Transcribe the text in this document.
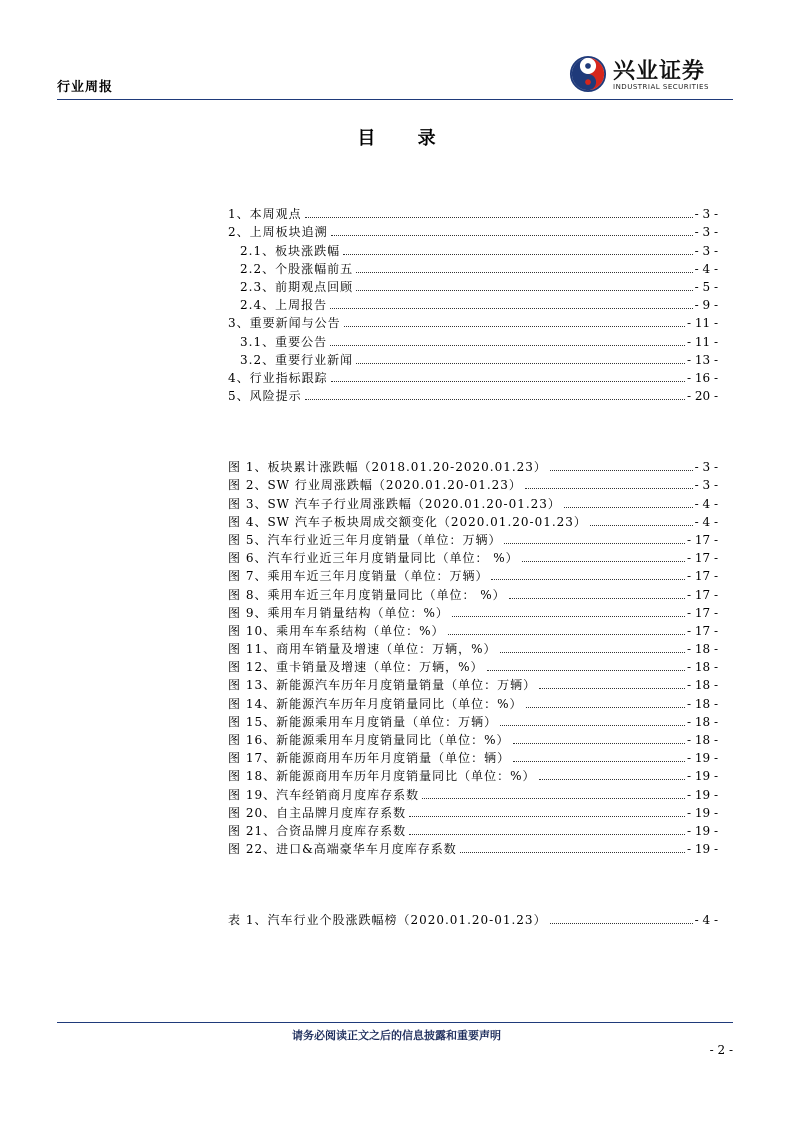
行业周报
兴业证券
INDUSTRIAL SECURITIES
目 录
1、本周观点	- 3 -
2、上周板块追溯	- 3 -
2.1、板块涨跌幅	- 3 -
2.2、个股涨幅前五	- 4 -
2.3、前期观点回顾	- 5 -
2.4、上周报告	- 9 -
3、重要新闻与公告	- 11 -
3.1、重要公告	- 11 -
3.2、重要行业新闻	- 13 -
4、行业指标跟踪	- 16 -
5、风险提示	- 20 -
图 1、板块累计涨跌幅（2018.01.20-2020.01.23）	- 3 -
图 2、SW 行业周涨跌幅（2020.01.20-01.23）	- 3 -
图 3、SW 汽车子行业周涨跌幅（2020.01.20-01.23）	- 4 -
图 4、SW 汽车子板块周成交额变化（2020.01.20-01.23）	- 4 -
图 5、汽车行业近三年月度销量（单位：万辆）	- 17 -
图 6、汽车行业近三年月度销量同比（单位： %）	- 17 -
图 7、乘用车近三年月度销量（单位：万辆）	- 17 -
图 8、乘用车近三年月度销量同比（单位： %）	- 17 -
图 9、乘用车月销量结构（单位：%）	- 17 -
图 10、乘用车车系结构（单位：%）	- 17 -
图 11、商用车销量及增速（单位：万辆，%）	- 18 -
图 12、重卡销量及增速（单位：万辆，%）	- 18 -
图 13、新能源汽车历年月度销量销量（单位：万辆）	- 18 -
图 14、新能源汽车历年月度销量同比（单位：%）	- 18 -
图 15、新能源乘用车月度销量（单位：万辆）	- 18 -
图 16、新能源乘用车月度销量同比（单位：%）	- 18 -
图 17、新能源商用车历年月度销量（单位：辆）	- 19 -
图 18、新能源商用车历年月度销量同比（单位：%）	- 19 -
图 19、汽车经销商月度库存系数	- 19 -
图 20、自主品牌月度库存系数	- 19 -
图 21、合资品牌月度库存系数	- 19 -
图 22、进口&高端豪华车月度库存系数	- 19 -
表 1、汽车行业个股涨跌幅榜（2020.01.20-01.23）	- 4 -
请务必阅读正文之后的信息披露和重要声明
- 2 -
